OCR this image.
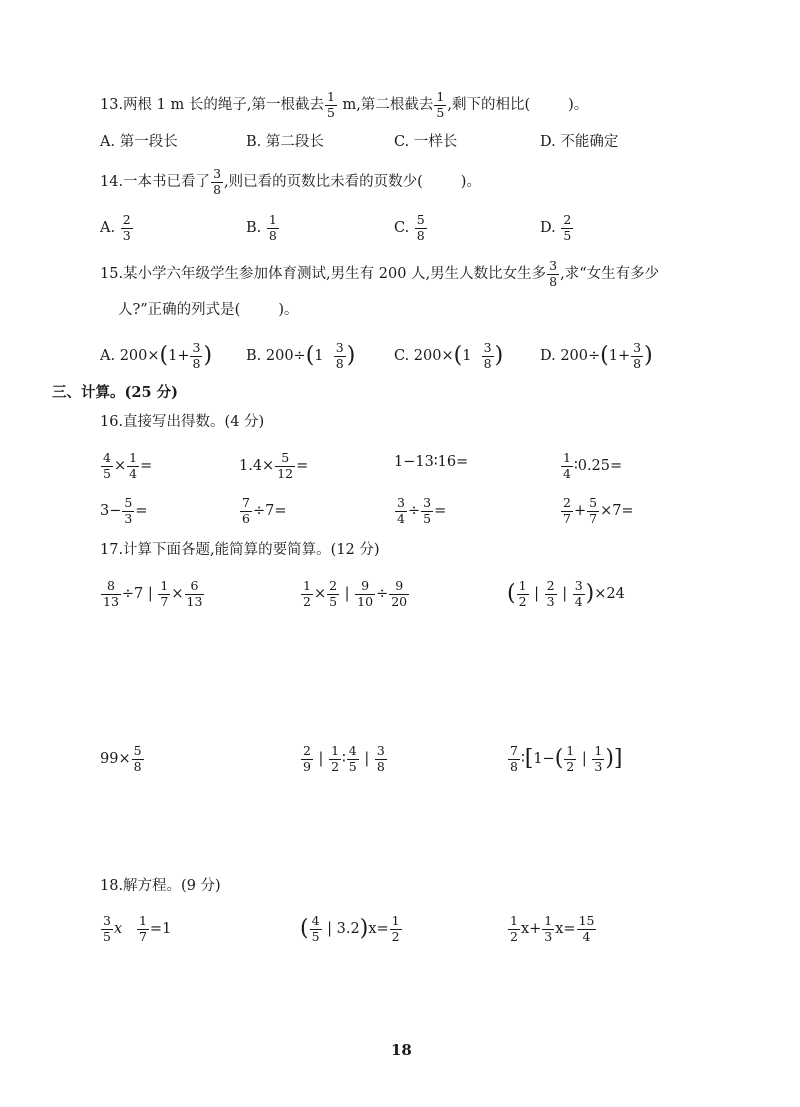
13.两根 1 m 长的绳子,第一根截去 $\frac{1}{5} m$,第二根截去 $\frac{1}{5}$ ,剩下的相比(	)。
A. 第一段长	B. 第二段长	C. 一样长	D. 不能确定
14.一本书已看了 $\frac{3}{8}$ ,则已看的页数比未看的页数少(	)。
A. $\frac{2}{3}$	B. $\frac{1}{8}$	C. $\frac{5}{8}$	D. $\frac{2}{5}$
15.某小学六年级学生参加体育测试,男生有 200 人,男生人数比女生多 $\frac{3}{8}$ ,求“女生有多少
人?”正确的列式是(	)。
A. $200\times(1+ \frac{3}{8}$ ) B. $200\div(1 \frac{3}{8}$ )	C. $200\times(1 \frac{3}{8}$ )	D. $200\div(1+ \frac{3}{8}$ )
三、计算。(25 分)
16.直接写出得数。(4 分)
$\frac{4}{5} \times \frac{1}{4}$ =	$1.4\times \frac{5}{12}$ =	1−13∶16=	$\frac{1}{4}$ ∶0.25=
$3- \frac{5}{3}$ =	$\frac{7}{6} \div 7=$	$\frac{3}{4} \div \frac{3}{5}$ =	$\frac{2}{7} + \frac{5}{7} \times 7=$
17.计算下面各题,能简算的要简算。(12 分)
$\frac{8}{13} \div 7$ | $\frac{1}{7} \times \frac{6}{13}$	$\frac{1}{2} \times \frac{2}{5}$ | $\frac{9}{10} \div \frac{9}{20}$	( $\frac{1}{2}$ | $\frac{2}{3}$ | $\frac{3}{4} )\times 24$
$99\times \frac{5}{8}$	$\frac{2}{9}$ | $\frac{1}{2}$ ∶ $\frac{4}{5}$ | $\frac{3}{8}$	$\frac{7}{8}$ ∶[1−( $\frac{1}{2}$ | $\frac{1}{3}$ )]
18.解方程。(9 分)
$\frac{3}{5}$ x $\frac{1}{7} =1$	( $\frac{4}{5}$ | $3.2)x= \frac{1}{2}$	$\frac{1}{2} x+ \frac{1}{3} x= \frac{15}{4}$
18
